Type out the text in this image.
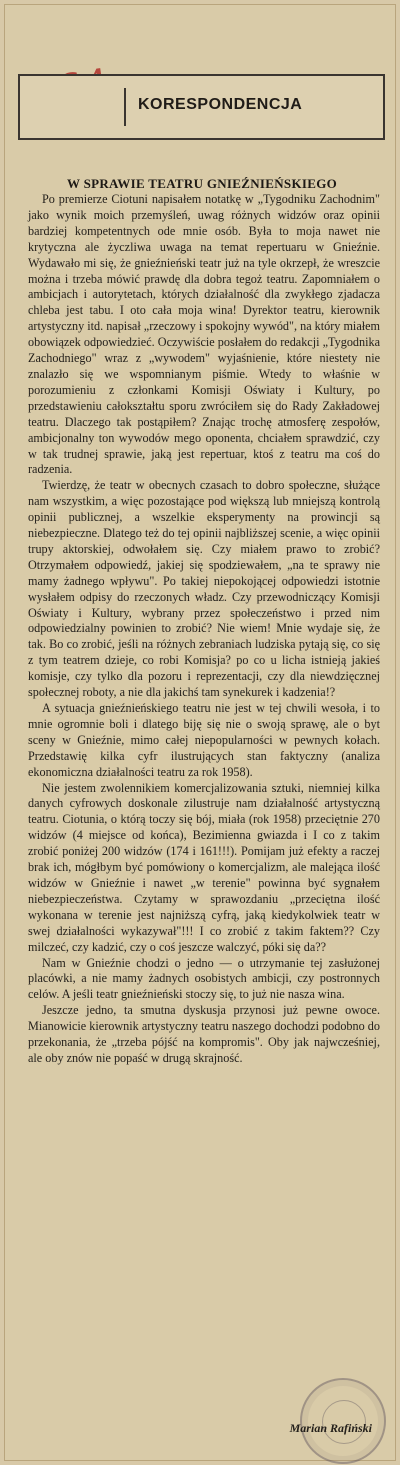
KORESPONDENCJA
W SPRAWIE TEATRU GNIEŹNIEŃSKIEGO

Po premierze Ciotuni napisałem notatkę w „Tygodniku Zachodnim" jako wynik moich przemyśleń, uwag różnych widzów oraz opinii bardziej kompetentnych ode mnie osób. Była to moja nawet nie krytyczna ale życzliwa uwaga na temat repertuaru w Gnieźnie. Wydawało mi się, że gnieźnieński teatr już na tyle okrzepł, że wreszcie można i trzeba mówić prawdę dla dobra tegoż teatru. Zapomniałem o ambicjach i autorytetach, których działalność dla zwykłego zjadacza chleba jest tabu. I oto cała moja wina! Dyrektor teatru, kierownik artystyczny itd. napisał „rzeczowy i spokojny wywód", na który miałem obowiązek odpowiedzieć. Oczywiście posłałem do redakcji „Tygodnika Zachodniego" wraz z „wywodem" wyjaśnienie, które niestety nie znalazło się we wspomnianym piśmie. Wtedy to właśnie w porozumieniu z członkami Komisji Oświaty i Kultury, po przedstawieniu całokształtu sporu zwróciłem się do Rady Zakładowej teatru. Dlaczego tak postąpiłem? Znając trochę atmosferę zespołów, ambicjonalny ton wywodów mego oponenta, chciałem sprawdzić, czy w tak trudnej sprawie, jaką jest repertuar, ktoś z teatru ma coś do radzenia.

Twierdzę, że teatr w obecnych czasach to dobro społeczne, służące nam wszystkim, a więc pozostające pod większą lub mniejszą kontrolą opinii publicznej, a wszelkie eksperymenty na prowincji są niebezpieczne. Dlatego też do tej opinii najbliższej scenie, a więc opinii trupy aktorskiej, odwołałem się. Czy miałem prawo to zrobić? Otrzymałem odpowiedź, jakiej się spodziewałem, „na te sprawy nie mamy żadnego wpływu". Po takiej niepokojącej odpowiedzi istotnie wysłałem odpisy do rzeczonych władz. Czy przewodniczący Komisji Oświaty i Kultury, wybrany przez społeczeństwo i przed nim odpowiedzialny powinien to zrobić? Nie wiem! Mnie wydaje się, że tak. Bo co zrobić, jeśli na różnych zebraniach ludziska pytają się, co się z tym teatrem dzieje, co robi Komisja? po co u licha istnieją jakieś komisje, czy tylko dla pozoru i reprezentacji, czy dla niewdzięcznej społecznej roboty, a nie dla jakichś tam synekurek i kadzenia!?

A sytuacja gnieźnieńskiego teatru nie jest w tej chwili wesoła, i to mnie ogromnie boli i dlatego biję się nie o swoją sprawę, ale o byt sceny w Gnieźnie, mimo całej niepopularności w pewnych kołach. Przedstawię kilka cyfr ilustrujących stan faktyczny (analiza ekonomiczna działalności teatru za rok 1958).

Nie jestem zwolennikiem komercjalizowania sztuki, niemniej kilka danych cyfrowych doskonale zilustruje nam działalność artystyczną teatru. Ciotunia, o którą toczy się bój, miała (rok 1958) przeciętnie 270 widzów (4 miejsce od końca), Bezimienna gwiazda i I co z takim zrobić poniżej 200 widzów (174 i 161!!!). Pomijam już efekty a raczej brak ich, mógłbym być pomówiony o komercjalizm, ale malejąca ilość widzów w Gnieźnie i nawet „w terenie" powinna być sygnałem niebezpieczeństwa. Czytamy w sprawozdaniu „przeciętna ilość wykonana w terenie jest najniższą cyfrą, jaką kiedykolwiek teatr w swej działalności wykazywał"!!! I co zrobić z takim faktem?? Czy milczeć, czy kadzić, czy o coś jeszcze walczyć, póki się da??

Nam w Gnieźnie chodzi o jedno — o utrzymanie tej zasłużonej placówki, a nie mamy żadnych osobistych ambicji, czy postronnych celów. A jeśli teatr gnieźnieński stoczy się, to już nie nasza wina.

Jeszcze jedno, ta smutna dyskusja przynosi już pewne owoce. Mianowicie kierownik artystyczny teatru naszego dochodzi podobno do przekonania, że „trzeba pójść na kompromis". Oby jak najwcześniej, ale oby znów nie popaść w drugą skrajność.

Marian Rafiński
